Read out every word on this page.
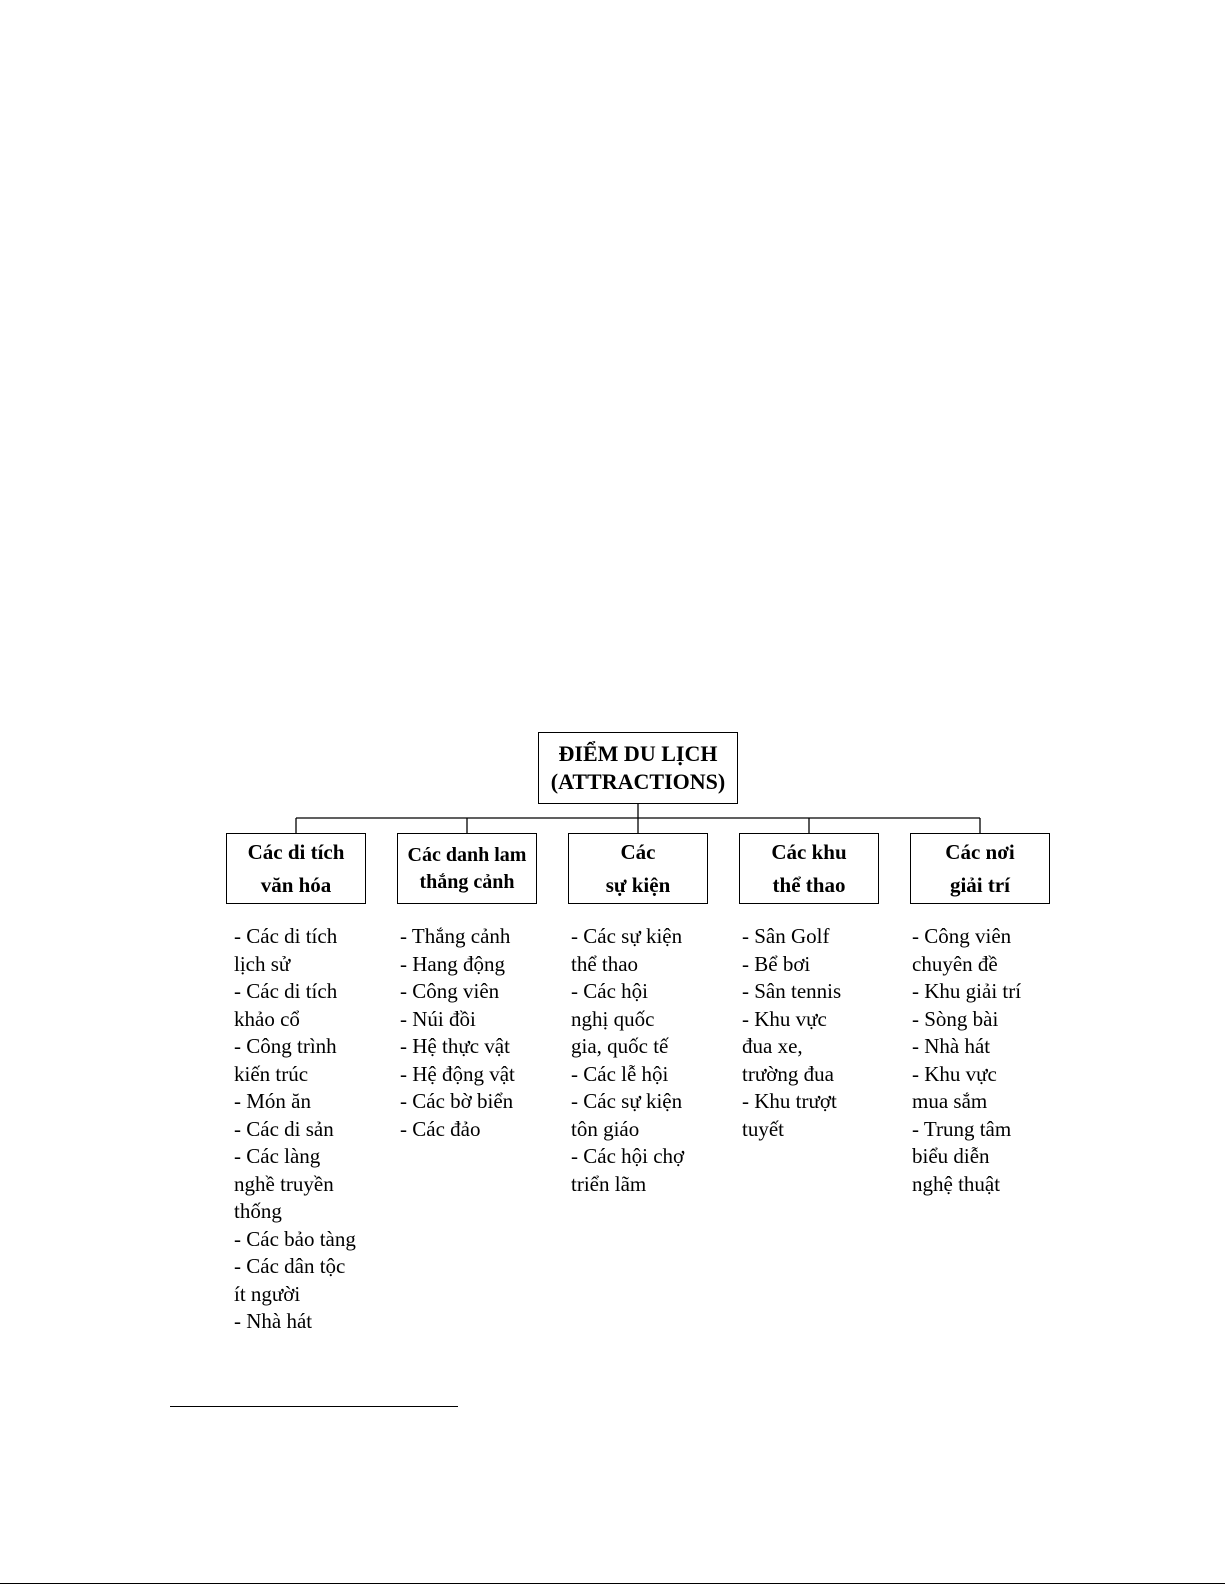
ĐIỂM DU LỊCH
(ATTRACTIONS)
Các di tích
văn hóa
Các danh lam
thắng cảnh
Các
sự kiện
Các khu
thể thao
Các nơi
giải trí
- Các di tích
lịch sử
- Các di tích
khảo cổ
- Công trình
kiến trúc
- Món ăn
- Các di sản
- Các làng
nghề truyền
thống
- Các bảo tàng
- Các dân tộc
ít người
- Nhà hát
- Thắng cảnh
- Hang động
- Công viên
- Núi đồi
- Hệ thực vật
- Hệ động vật
- Các bờ biển
- Các đảo
- Các sự kiện
thể thao
- Các hội
nghị quốc
gia, quốc tế
- Các lễ hội
- Các sự kiện
tôn giáo
- Các hội chợ
triển lãm
- Sân Golf
- Bể bơi
- Sân tennis
- Khu vực
đua xe,
trường đua
- Khu trượt
tuyết
- Công viên
chuyên đề
- Khu giải trí
- Sòng bài
- Nhà hát
- Khu vực
mua sắm
- Trung tâm
biểu diễn
nghệ thuật
